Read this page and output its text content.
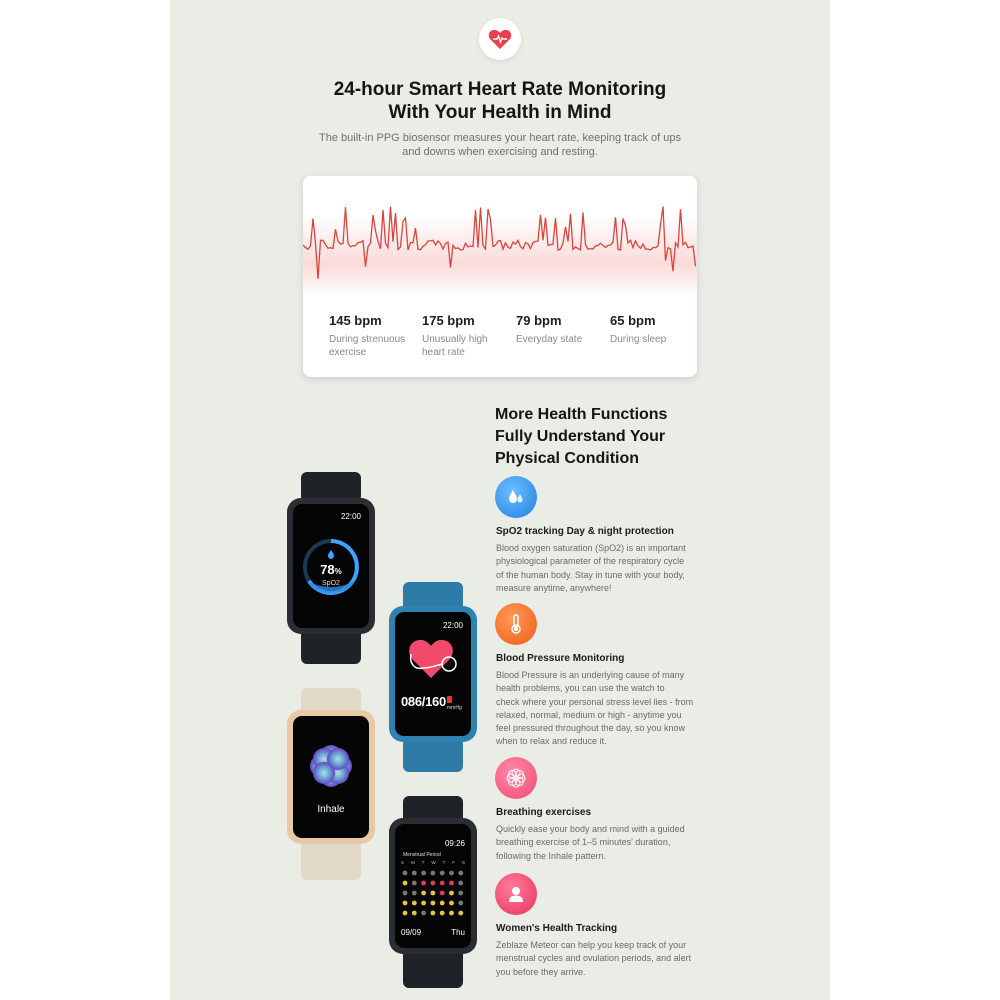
24-hour Smart Heart Rate Monitoring
With Your Health in Mind
The built-in PPG biosensor measures your heart rate, keeping track of ups
and downs when exercising and resting.
145 bpm
During strenuous
exercise
175 bpm
Unusually high
heart rate
79 bpm
Everyday state
65 bpm
During sleep
More Health Functions
Fully Understand Your
Physical Condition
SpO2 tracking Day & night protection
Blood oxygen saturation (SpO2) is an important
physiological parameter of the respiratory cycle
of the human body. Stay in tune with your body,
measure anytime, anywhere!
Blood Pressure Monitoring
Blood Pressure is an underlying cause of many
health problems, you can use the watch to
check where your personal stress level lies - from
relaxed, normal, medium or high - anytime you
feel pressured throughout the day, so you know
when to relax and reduce it.
Breathing exercises
Quickly ease your body and mind with a guided
breathing exercise of 1–5 minutes' duration,
following the Inhale pattern.
Women's Health Tracking
Zeblaze Meteor can help you keep track of your
menstrual cycles and ovulation periods, and alert
you before they arrive.
22:00
78%
SpO2
22:00
086/160 mmHg
Inhale
09:26
Menstrual Period
S M T W T F S
09/09	Thu
